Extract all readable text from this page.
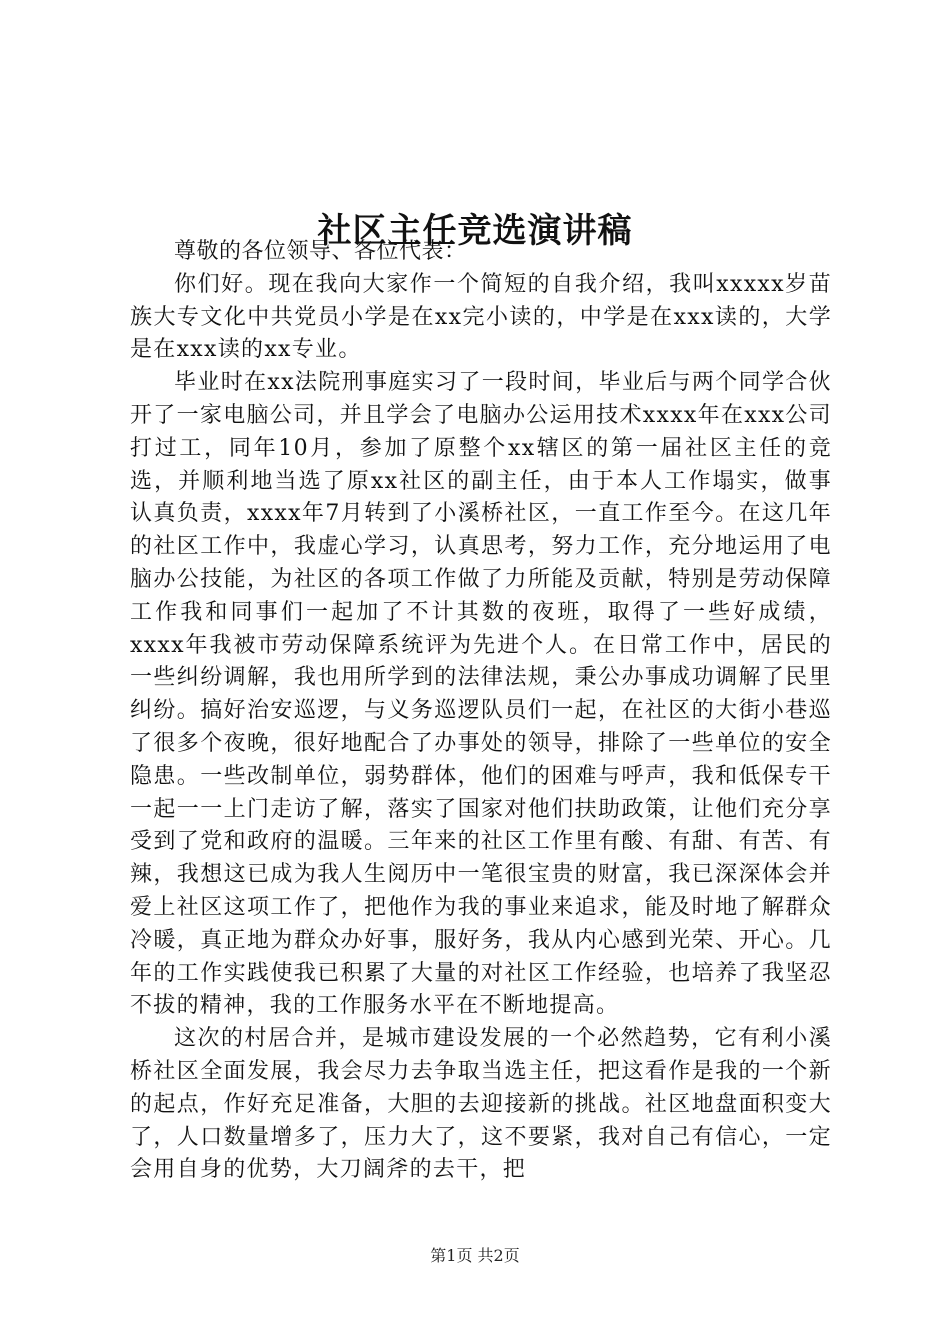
社区主任竞选演讲稿

尊敬的各位领导、各位代表：

你们好。现在我向大家作一个简短的自我介绍，我叫xxxxx岁苗族大专文化中共党员小学是在xx完小读的，中学是在xxx读的，大学是在xxx读的xx专业。

毕业时在xx法院刑事庭实习了一段时间，毕业后与两个同学合伙开了一家电脑公司，并且学会了电脑办公运用技术xxxx年在xxx公司打过工，同年10月，参加了原整个xx辖区的第一届社区主任的竞选，并顺利地当选了原xx社区的副主任，由于本人工作塌实，做事认真负责，xxxx年7月转到了小溪桥社区，一直工作至今。在这几年的社区工作中，我虚心学习，认真思考，努力工作，充分地运用了电脑办公技能，为社区的各项工作做了力所能及贡献，特别是劳动保障工作我和同事们一起加了不计其数的夜班，取得了一些好成绩，xxxx年我被市劳动保障系统评为先进个人。在日常工作中，居民的一些纠纷调解，我也用所学到的法律法规，秉公办事成功调解了民里纠纷。搞好治安巡逻，与义务巡逻队员们一起，在社区的大街小巷巡了很多个夜晚，很好地配合了办事处的领导，排除了一些单位的安全隐患。一些改制单位，弱势群体，他们的困难与呼声，我和低保专干一起一一上门走访了解，落实了国家对他们扶助政策，让他们充分享受到了党和政府的温暖。三年来的社区工作里有酸、有甜、有苦、有辣，我想这已成为我人生阅历中一笔很宝贵的财富，我已深深体会并爱上社区这项工作了，把他作为我的事业来追求，能及时地了解群众冷暖，真正地为群众办好事，服好务，我从内心感到光荣、开心。几年的工作实践使我已积累了大量的对社区工作经验，也培养了我坚忍不拔的精神，我的工作服务水平在不断地提高。

这次的村居合并，是城市建设发展的一个必然趋势，它有利小溪桥社区全面发展，我会尽力去争取当选主任，把这看作是我的一个新的起点，作好充足准备，大胆的去迎接新的挑战。社区地盘面积变大了，人口数量增多了，压力大了，这不要紧，我对自己有信心，一定会用自身的优势，大刀阔斧的去干，把

第1页 共2页
